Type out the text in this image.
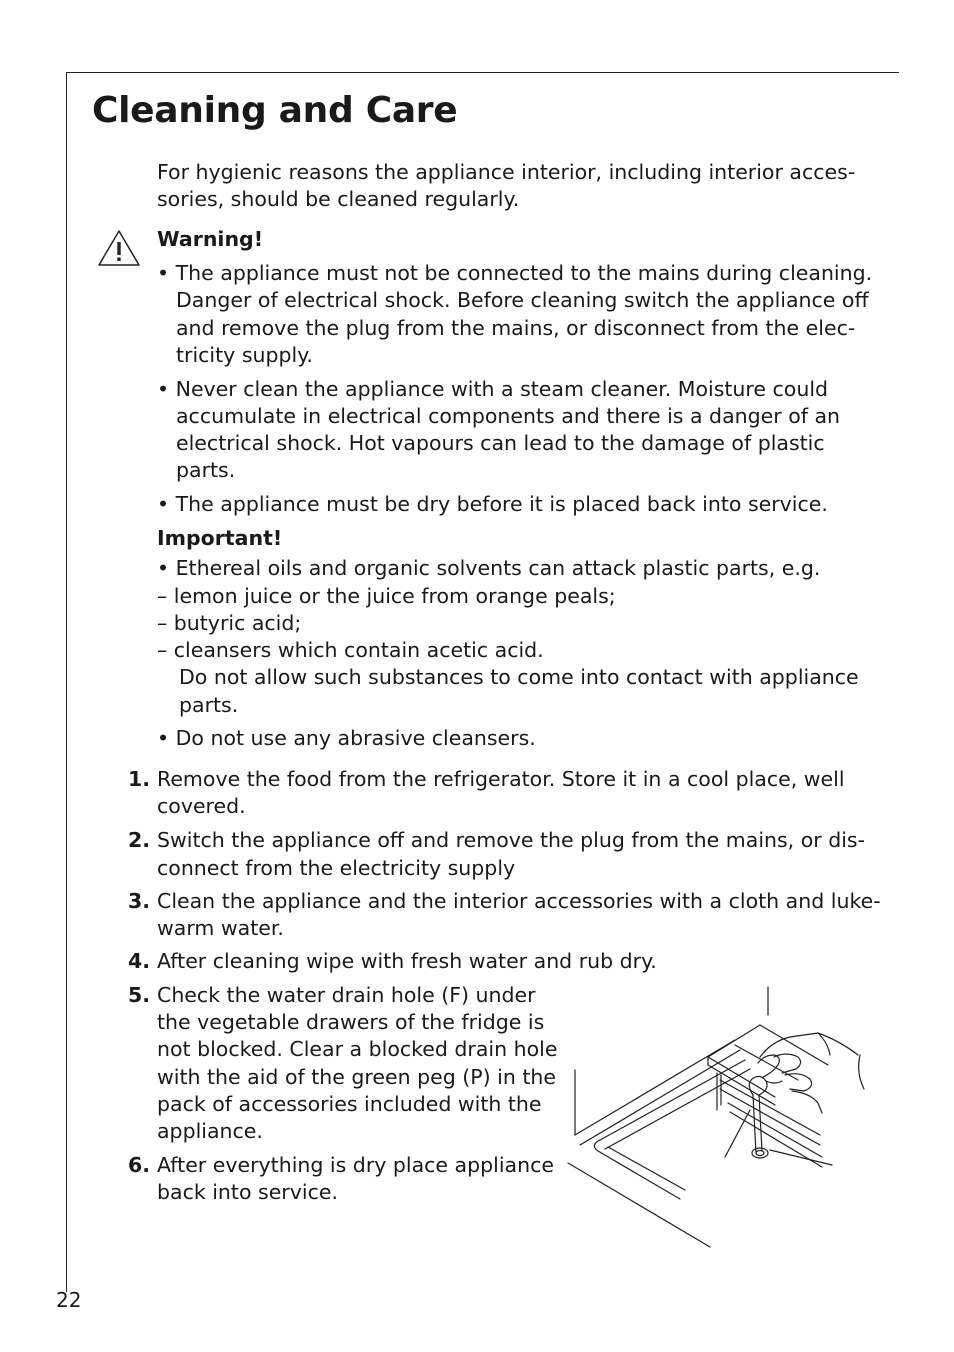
Cleaning and Care

For hygienic reasons the appliance interior, including interior acces-

sories, should be cleaned regularly.

Warning!

• The appliance must not be connected to the mains during cleaning.

Danger of electrical shock. Before cleaning switch the appliance off

and remove the plug from the mains, or disconnect from the elec-

tricity supply.

• Never clean the appliance with a steam cleaner. Moisture could

accumulate in electrical components and there is a danger of an

electrical shock. Hot vapours can lead to the damage of plastic

parts.

• The appliance must be dry before it is placed back into service.

Important!

• Ethereal oils and organic solvents can attack plastic parts, e.g.

– lemon juice or the juice from orange peals;

– butyric acid;

– cleansers which contain acetic acid.

Do not allow such substances to come into contact with appliance

parts.

• Do not use any abrasive cleansers.

1. Remove the food from the refrigerator. Store it in a cool place, well

covered.

2. Switch the appliance off and remove the plug from the mains, or dis-

connect from the electricity supply

3. Clean the appliance and the interior accessories with a cloth and luke-

warm water.

4. After cleaning wipe with fresh water and rub dry.

5. Check the water drain hole (F) under

the vegetable drawers of the fridge is

not blocked. Clear a blocked drain hole

with the aid of the green peg (P) in the

pack of accessories included with the

appliance.

6. After everything is dry place appliance

back into service.

22
